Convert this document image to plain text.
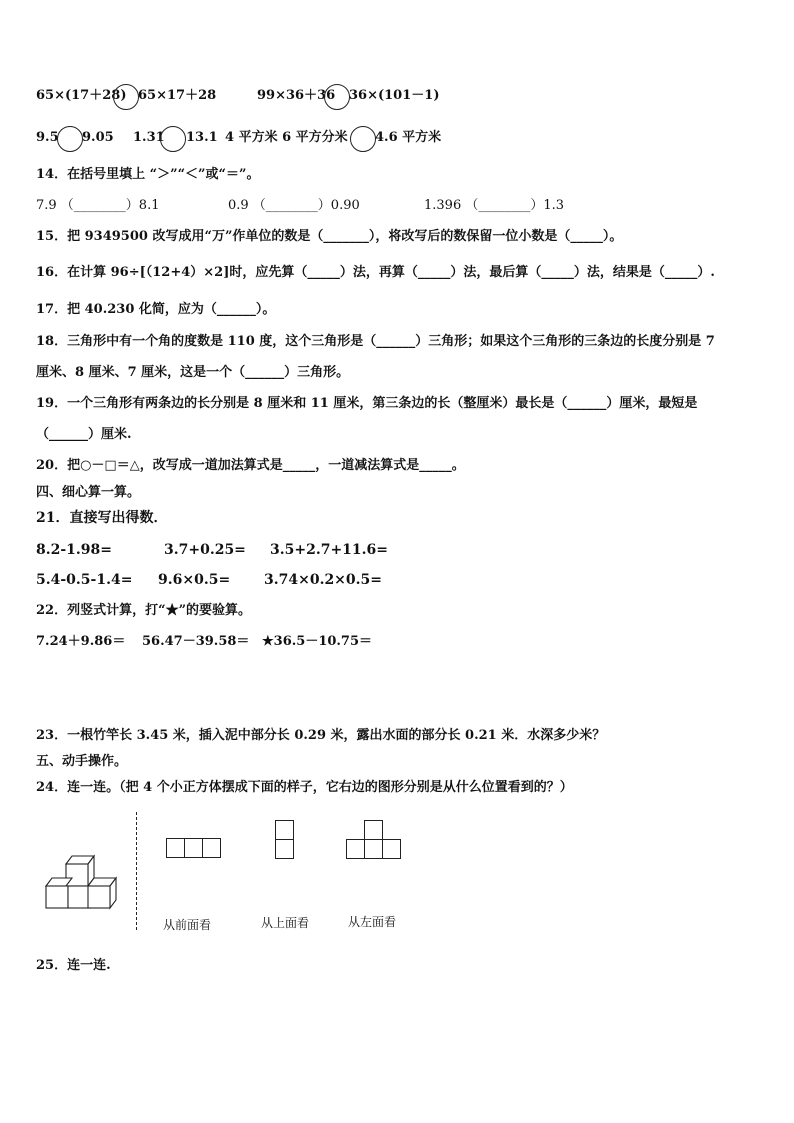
65×(17＋28) 65×17＋28	99×36＋36 36×(101－1)
9.5 9.05 1.31 13.1 4 平方米 6 平方分米 4.6 平方米
14．在括号里填上 “＞”“＜”或“＝”。
7.9 （________）8.1	0.9 （________）0.90	1.396 （________）1.3
15．把 9349500 改写成用“万”作单位的数是（_______），将改写后的数保留一位小数是（_____）。
16．在计算 96÷[（12+4）×2]时，应先算（_____）法，再算（_____）法，最后算（_____）法，结果是（_____）.
17．把 40.230 化简，应为（______）。
18．三角形中有一个角的度数是 110 度，这个三角形是（______）三角形；如果这个三角形的三条边的长度分别是 7
厘米、8 厘米、7 厘米，这是一个（______）三角形。
19．一个三角形有两条边的长分别是 8 厘米和 11 厘米，第三条边的长（整厘米）最长是（______）厘米，最短是
（______）厘米.
20．把○－□＝△，改写成一道加法算式是_____，一道减法算式是_____。
四、细心算一算。
21．直接写出得数．
8.2-1.98=	3.7+0.25= 3.5+2.7+11.6=
5.4-0.5-1.4= 9.6×0.5= 3.74×0.2×0.5=
22．列竖式计算，打“★”的要验算。
7.24＋9.86＝ 56.47－39.58＝ ★36.5－10.75＝
23．一根竹竿长 3.45 米，插入泥中部分长 0.29 米，露出水面的部分长 0.21 米．水深多少米？
五、动手操作。
24．连一连。（把 4 个小正方体摆成下面的样子，它右边的图形分别是从什么位置看到的？）
从前面看	从上面看	从左面看
25．连一连.
